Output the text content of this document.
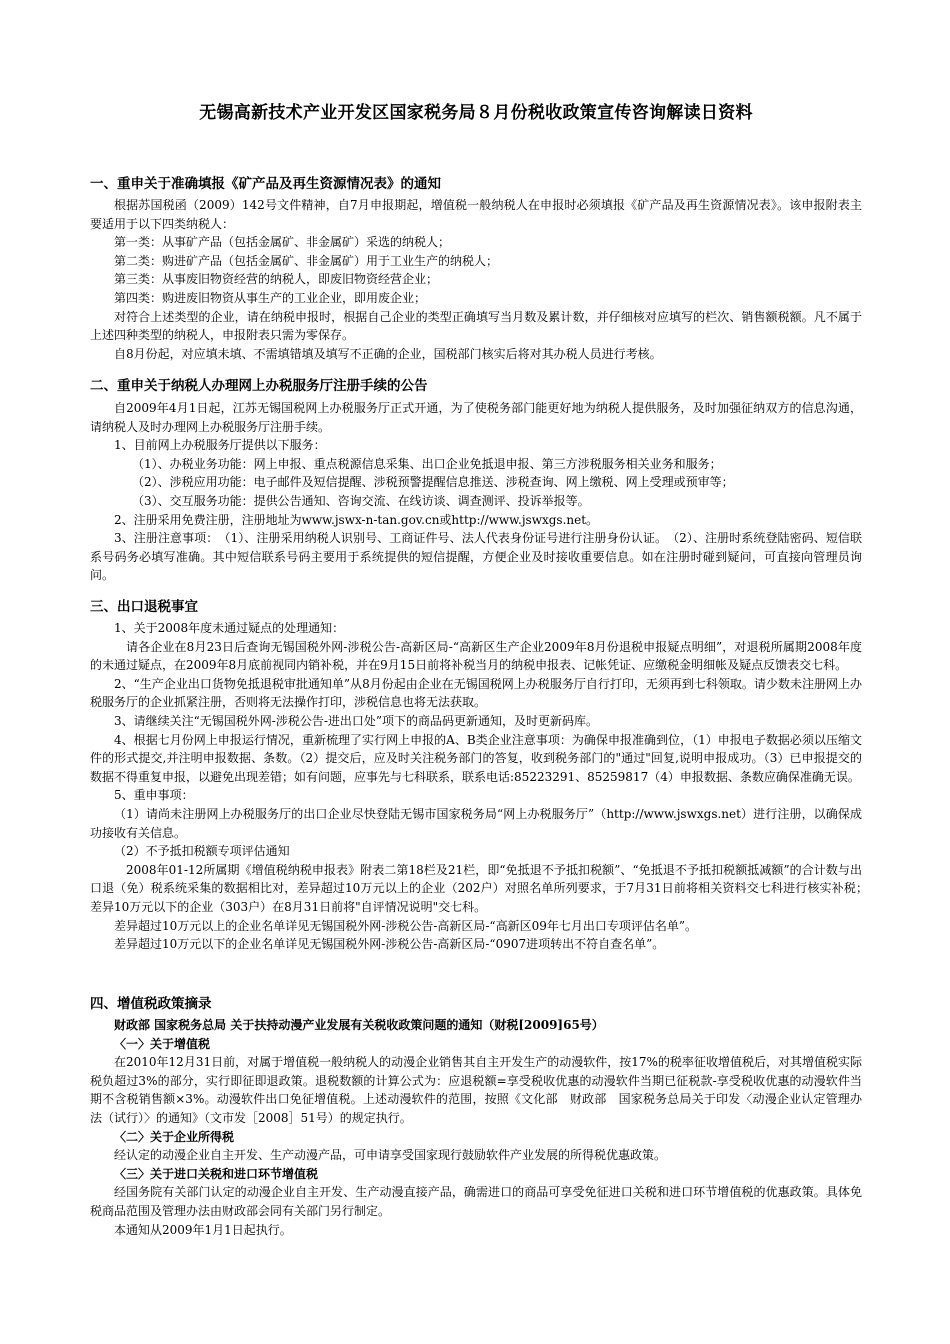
无锡高新技术产业开发区国家税务局８月份税收政策宣传咨询解读日资料
一、重申关于准确填报《矿产品及再生资源情况表》的通知

根据苏国税函（2009）142号文件精神，自7月申报期起，增值税一般纳税人在申报时必须填报《矿产品及再生资源情况表》。该申报附表主要适用于以下四类纳税人：

第一类：从事矿产品（包括金属矿、非金属矿）采选的纳税人；

第二类：购进矿产品（包括金属矿、非金属矿）用于工业生产的纳税人；

第三类：从事废旧物资经营的纳税人，即废旧物资经营企业；

第四类：购进废旧物资从事生产的工业企业，即用废企业；

对符合上述类型的企业，请在纳税申报时，根据自己企业的类型正确填写当月数及累计数，并仔细核对应填写的栏次、销售额税额。凡不属于上述四种类型的纳税人，申报附表只需为零保存。

自8月份起，对应填未填、不需填错填及填写不正确的企业，国税部门核实后将对其办税人员进行考核。

二、重申关于纳税人办理网上办税服务厅注册手续的公告

自2009年4月1日起，江苏无锡国税网上办税服务厅正式开通，为了使税务部门能更好地为纳税人提供服务，及时加强征纳双方的信息沟通，请纳税人及时办理网上办税服务厅注册手续。

1、目前网上办税服务厅提供以下服务：

（1）、办税业务功能：网上申报、重点税源信息采集、出口企业免抵退申报、第三方涉税服务相关业务和服务；

（2）、涉税应用功能：电子邮件及短信提醒、涉税预警提醒信息推送、涉税查询、网上缴税、网上受理或预审等；

（3）、交互服务功能：提供公告通知、咨询交流、在线访谈、调查测评、投诉举报等。

2、注册采用免费注册，注册地址为www.jswx-n-tan.gov.cn或http://www.jswxgs.net。

3、注册注意事项：　（1）、注册采用纳税人识别号、工商证件号、法人代表身份证号进行注册身份认证。　（2）、注册时系统登陆密码、短信联系号码务必填写准确。其中短信联系号码主要用于系统提供的短信提醒，方便企业及时接收重要信息。如在注册时碰到疑问，可直接向管理员询问。

三、出口退税事宜

1、关于2008年度未通过疑点的处理通知：

请各企业在8月23日后查询无锡国税外网-涉税公告-高新区局-“高新区生产企业2009年8月份退税申报疑点明细”，对退税所属期2008年度的未通过疑点，在2009年8月底前视同内销补税，并在9月15日前将补税当月的纳税申报表、记帐凭证、应缴税金明细帐及疑点反馈表交七科。

2、“生产企业出口货物免抵退税审批通知单”从8月份起由企业在无锡国税网上办税服务厅自行打印，无须再到七科领取。请少数未注册网上办税服务厅的企业抓紧注册，否则将无法操作打印，涉税信息也将无法获取。

3、请继续关注“无锡国税外网-涉税公告-进出口处”项下的商品码更新通知，及时更新码库。

4、根据七月份网上申报运行情况，重新梳理了实行网上申报的A、B类企业注意事项：为确保申报准确到位，（1）申报电子数据必须以压缩文件的形式提交,并注明申报数据、条数。（2）提交后，应及时关注税务部门的答复，收到税务部门的"通过"回复,说明申报成功。（3）已申报提交的数据不得重复申报，以避免出现差错；如有问题，应事先与七科联系，联系电话:85223291、85259817（4）申报数据、条数应确保准确无误。

5、重申事项：

（1）请尚未注册网上办税服务厅的出口企业尽快登陆无锡市国家税务局“网上办税服务厅”（http://www.jswxgs.net）进行注册，以确保成功接收有关信息。

（2）不予抵扣税额专项评估通知

2008年01-12所属期《增值税纳税申报表》附表二第18栏及21栏，即“免抵退不予抵扣税额”、“免抵退不予抵扣税额抵减额”的合计数与出口退（免）税系统采集的数据相比对，差异超过10万元以上的企业（202户）对照名单所列要求，于7月31日前将相关资料交七科进行核实补税；　差异10万元以下的企业（303户）在8月31日前将"自评情况说明"交七科。

差异超过10万元以上的企业名单详见无锡国税外网-涉税公告-高新区局-“高新区09年七月出口专项评估名单”。

差异超过10万元以下的企业名单详见无锡国税外网-涉税公告-高新区局-“0907进项转出不符自查名单”。

四、增值税政策摘录

财政部 国家税务总局 关于扶持动漫产业发展有关税收政策问题的通知（财税[2009]65号）

〈一〉关于增值税

在2010年12月31日前，对属于增值税一般纳税人的动漫企业销售其自主开发生产的动漫软件，按17%的税率征收增值税后，对其增值税实际税负超过3%的部分，实行即征即退政策。退税数额的计算公式为：应退税额=享受税收优惠的动漫软件当期已征税款-享受税收优惠的动漫软件当期不含税销售额×3%。动漫软件出口免征增值税。上述动漫软件的范围，按照《文化部　财政部　国家税务总局关于印发〈动漫企业认定管理办法（试行）〉的通知》（文市发［2008］51号）的规定执行。

〈二〉关于企业所得税

经认定的动漫企业自主开发、生产动漫产品，可申请享受国家现行鼓励软件产业发展的所得税优惠政策。

〈三〉关于进口关税和进口环节增值税

经国务院有关部门认定的动漫企业自主开发、生产动漫直接产品，确需进口的商品可享受免征进口关税和进口环节增值税的优惠政策。具体免税商品范围及管理办法由财政部会同有关部门另行制定。

本通知从2009年1月1日起执行。
